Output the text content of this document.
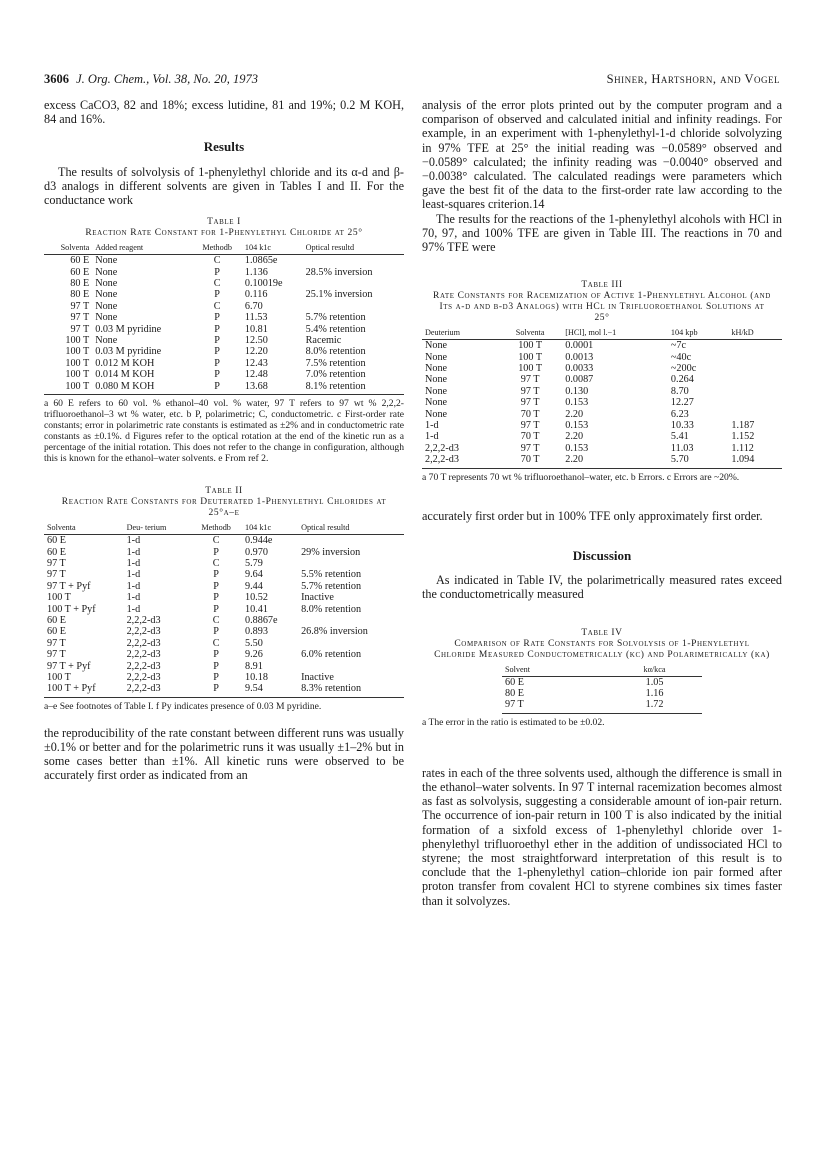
3606 J. Org. Chem., Vol. 38, No. 20, 1973	Shiner, Hartshorn, and Vogel

excess CaCO3, 82 and 18%; excess lutidine, 81 and 19%; 0.2 M KOH, 84 and 16%.

Results

The results of solvolysis of 1-phenylethyl chloride and its α-d and β-d3 analogs in different solvents are given in Tables I and II. For the conductance work

Table I
Reaction Rate Constant for 1-Phenylethyl Chloride at 25°
Solventa	Added reagent	Methodb	104 k1c	Optical resultd
60 E	None	C	1.0865e	
60 E	None	P	1.136	28.5% inversion
80 E	None	C	0.10019e	
80 E	None	P	0.116	25.1% inversion
97 T	None	C	6.70	
97 T	None	P	11.53	5.7% retention
97 T	0.03 M pyridine	P	10.81	5.4% retention
100 T	None	P	12.50	Racemic
100 T	0.03 M pyridine	P	12.20	8.0% retention
100 T	0.012 M KOH	P	12.43	7.5% retention
100 T	0.014 M KOH	P	12.48	7.0% retention
100 T	0.080 M KOH	P	13.68	8.1% retention
a 60 E refers to 60 vol. % ethanol–40 vol. % water, 97 T refers to 97 wt % 2,2,2-trifluoroethanol–3 wt % water, etc. b P, polarimetric; C, conductometric. c First-order rate constants; error in polarimetric rate constants is estimated as ±2% and in conductometric rate constants as ±0.1%. d Figures refer to the optical rotation at the end of the kinetic run as a percentage of the initial rotation. This does not refer to the change in configuration, although this is known for the ethanol–water solvents. e From ref 2.
Table II
Reaction Rate Constants for Deuterated 1-Phenylethyl Chlorides at 25°a–e
Solventa	Deu- terium	Methodb	104 k1c	Optical resultd
60 E	1-d	C	0.944e	
60 E	1-d	P	0.970	29% inversion
97 T	1-d	C	5.79	
97 T	1-d	P	9.64	5.5% retention
97 T + Pyf	1-d	P	9.44	5.7% retention
100 T	1-d	P	10.52	Inactive
100 T + Pyf	1-d	P	10.41	8.0% retention
60 E	2,2,2-d3	C	0.8867e	
60 E	2,2,2-d3	P	0.893	26.8% inversion
97 T	2,2,2-d3	C	5.50	
97 T	2,2,2-d3	P	9.26	6.0% retention
97 T + Pyf	2,2,2-d3	P	8.91	
100 T	2,2,2-d3	P	10.18	Inactive
100 T + Pyf	2,2,2-d3	P	9.54	8.3% retention
a–e See footnotes of Table I. f Py indicates presence of 0.03 M pyridine.

the reproducibility of the rate constant between different runs was usually ±0.1% or better and for the polarimetric runs it was usually ±1–2% but in some cases better than ±1%. All kinetic runs were observed to be accurately first order as indicated from an

analysis of the error plots printed out by the computer program and a comparison of observed and calculated initial and infinity readings. For example, in an experiment with 1-phenylethyl-1-d chloride solvolyzing in 97% TFE at 25° the initial reading was −0.0589° observed and −0.0589° calculated; the infinity reading was −0.0040° observed and −0.0038° calculated. The calculated readings were parameters which gave the best fit of the data to the first-order rate law according to the least-squares criterion.14

The results for the reactions of the 1-phenylethyl alcohols with HCl in 70, 97, and 100% TFE are given in Table III. The reactions in 70 and 97% TFE were

Table III
Rate Constants for Racemization of Active 1-Phenylethyl Alcohol (and Its α-d and β-d3 Analogs) with HCl in Trifluoroethanol Solutions at 25°
Deuterium	Solventa	[HCl], mol l.−1	104 kpb	kH/kD
None	100 T	0.0001	~7c	
None	100 T	0.0013	~40c	
None	100 T	0.0033	~200c	
None	97 T	0.0087	0.264	
None	97 T	0.130	8.70	
None	97 T	0.153	12.27	
None	70 T	2.20	6.23	
1-d	97 T	0.153	10.33	1.187
1-d	70 T	2.20	5.41	1.152
2,2,2-d3	97 T	0.153	11.03	1.112
2,2,2-d3	70 T	2.20	5.70	1.094
a 70 T represents 70 wt % trifluoroethanol–water, etc. b Errors. c Errors are ~20%.

accurately first order but in 100% TFE only approximately first order.

Discussion

As indicated in Table IV, the polarimetrically measured rates exceed the conductometrically measured

Table IV
Comparison of Rate Constants for Solvolysis of 1-Phenylethyl Chloride Measured Conductometrically (kc) and Polarimetrically (kα)
Solvent	kα/kca
60 E	1.05
80 E	1.16
97 T	1.72
a The error in the ratio is estimated to be ±0.02.

rates in each of the three solvents used, although the difference is small in the ethanol–water solvents. In 97 T internal racemization becomes almost as fast as solvolysis, suggesting a considerable amount of ion-pair return. The occurrence of ion-pair return in 100 T is also indicated by the initial formation of a sixfold excess of 1-phenylethyl chloride over 1-phenylethyl trifluoroethyl ether in the addition of undissociated HCl to styrene; the most straightforward interpretation of this result is to conclude that the 1-phenylethyl cation–chloride ion pair formed after proton transfer from covalent HCl to styrene combines six times faster than it solvolyzes.
